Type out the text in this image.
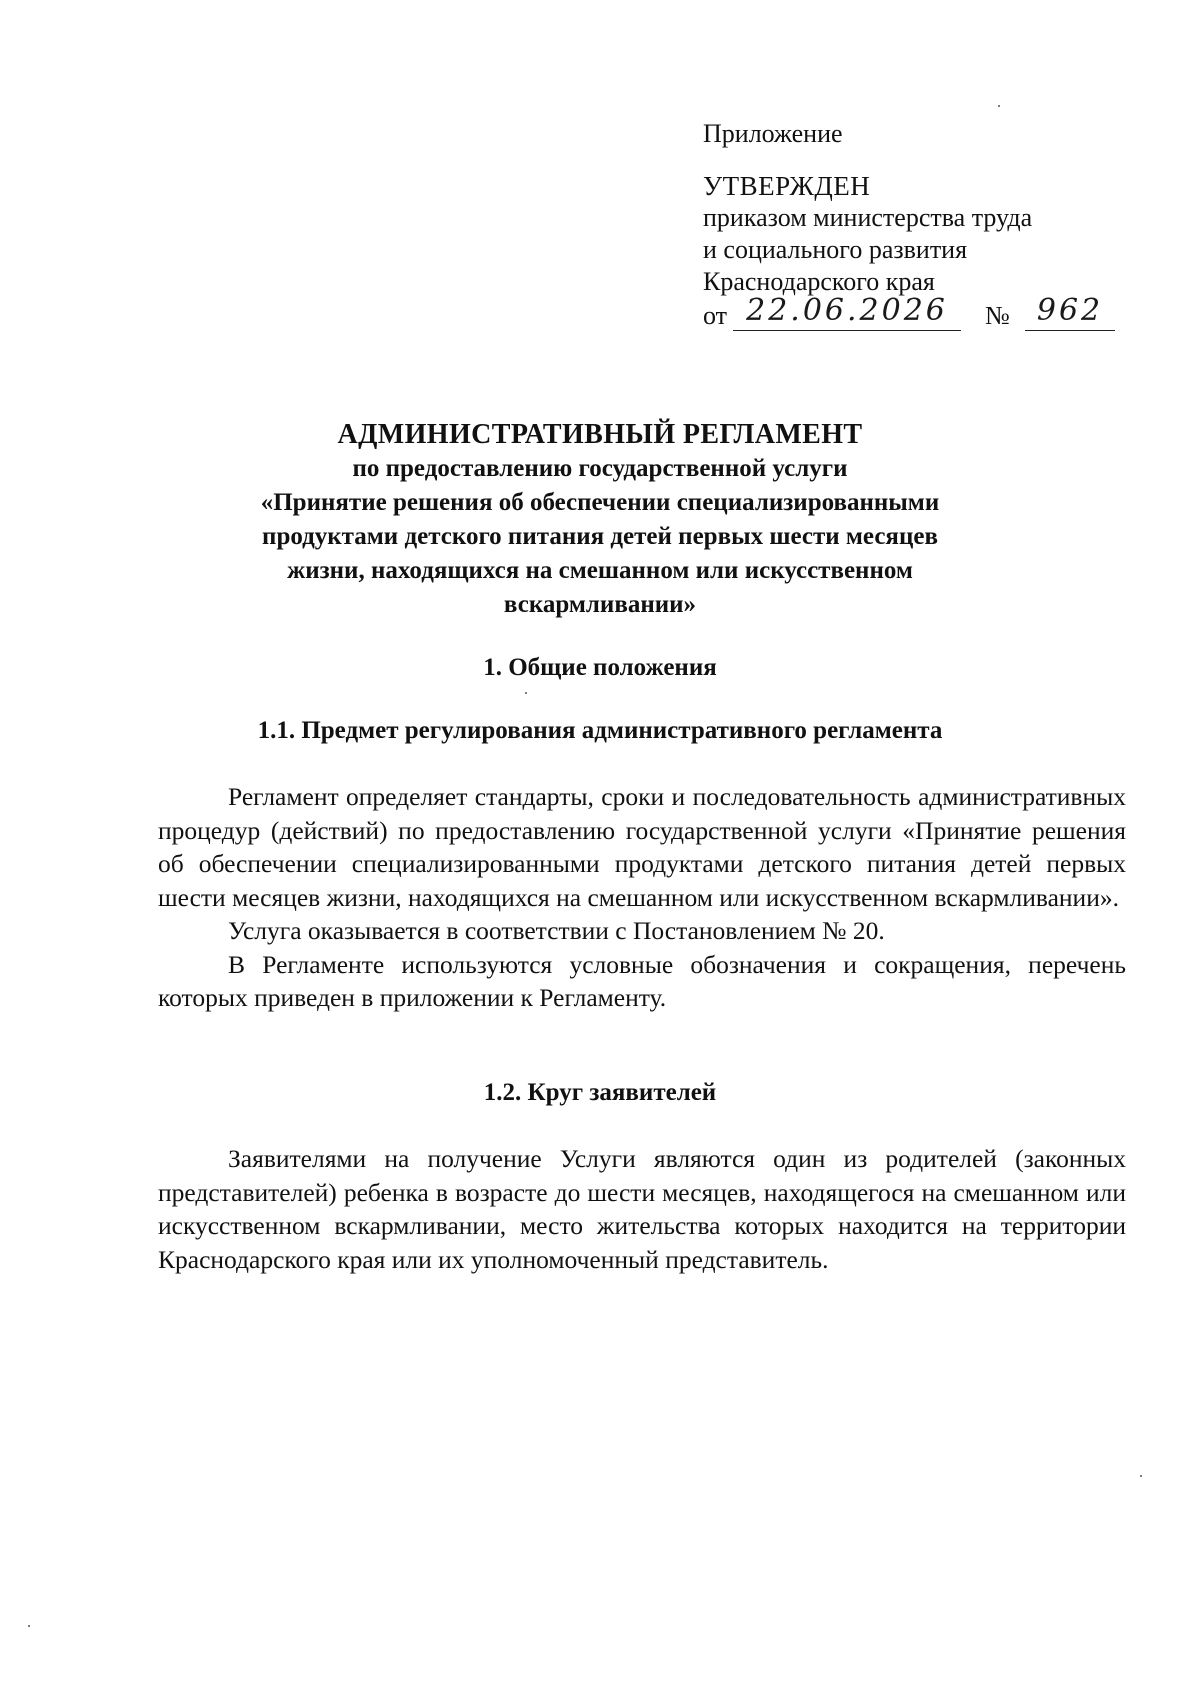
Приложение

УТВЕРЖДЕН

приказом министерства труда

и социального развития

Краснодарского края

от 22.06.2026	№ 962

АДМИНИСТРАТИВНЫЙ РЕГЛАМЕНТ

по предоставлению государственной услуги

«Принятие решения об обеспечении специализированными

продуктами детского питания детей первых шести месяцев

жизни, находящихся на смешанном или искусственном

вскармливании»

1. Общие положения

1.1. Предмет регулирования административного регламента

Регламент определяет стандарты, сроки и последовательность административных процедур (действий) по предоставлению государственной услуги «Принятие решения об обеспечении специализированными продуктами детского питания детей первых шести месяцев жизни, находящихся на смешанном или искусственном вскармливании».

Услуга оказывается в соответствии с Постановлением № 20.

В Регламенте используются условные обозначения и сокращения, перечень которых приведен в приложении к Регламенту.

1.2. Круг заявителей

Заявителями на получение Услуги являются один из родителей (законных представителей) ребенка в возрасте до шести месяцев, находящегося на смешанном или искусственном вскармливании, место жительства которых находится на территории Краснодарского края или их уполномоченный представитель.
